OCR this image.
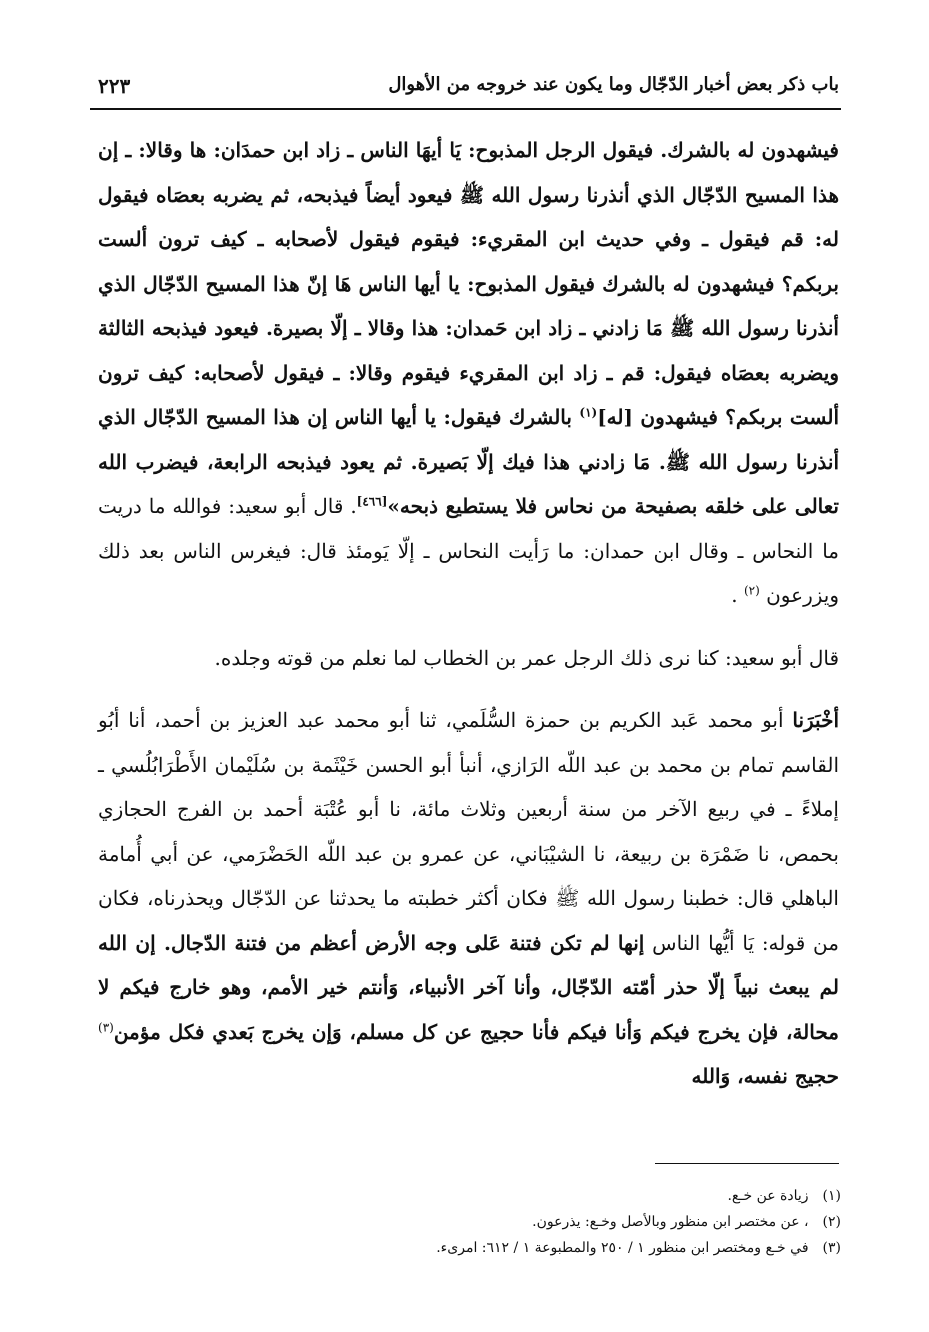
باب ذكر بعض أخبار الدّجّال وما يكون عند خروجه من الأهوال
٢٢٣

فيشهدون له بالشرك. فيقول الرجل المذبوح: يَا أيهَا الناس ـ زاد ابن حمدَان: ها وقالا: ـ إن هذا المسيح الدّجّال الذي أنذرنا رسول الله ﷺ فيعود أيضاً فيذبحه، ثم يضربه بعصَاه فيقول له: قم فيقول ـ وفي حديث ابن المقريء: فيقوم فيقول لأصحابه ـ كيف ترون ألست بربكم؟ فيشهدون له بالشرك فيقول المذبوح: يا أيها الناس هَا إنّ هذا المسيح الدّجّال الذي أنذرنا رسول الله ﷺ مَا زادني ـ زاد ابن حَمدان: هذا وقالا ـ إلّا بصيرة. فيعود فيذبحه الثالثة ويضربه بعصَاه فيقول: قم ـ زاد ابن المقريء فيقوم وقالا: ـ فيقول لأصحابه: كيف ترون ألست بربكم؟ فيشهدون [له]$^{(١)}$ بالشرك فيقول: يا أيها الناس إن هذا المسيح الدّجّال الذي أنذرنا رسول الله ﷺ. مَا زادني هذا فيك إلّا بَصيرة. ثم يعود فيذبحه الرابعة، فيضرب الله تعالى على خلقه بصفيحة من نحاس فلا يستطيع ذبحه»[٤٦٦]. قال أبو سعيد: فوالله ما دريت ما النحاس ـ وقال ابن حمدان: ما رَأيت النحاس ـ إلّا يَومئذ قال: فيغرس الناس بعد ذلك ويزرعون $^{(٢)}$ .

قال أبو سعيد: كنا نرى ذلك الرجل عمر بن الخطاب لما نعلم من قوته وجلده.

أخْبَرَنا أبو محمد عَبد الكريم بن حمزة السُّلَمي، ثنا أبو محمد عبد العزيز بن أحمد، أنا أبُو القاسم تمام بن محمد بن عبد اللّه الرَازي، أنبأ أبو الحسن خَيْثَمة بن سُلَيْمان الأَطْرَابُلُسي ـ إملاءً ـ في ربيع الآخر من سنة أربعين وثلاث مائة، نا أبو عُتْبَة أحمد بن الفرج الحجازي بحمص، نا ضَمْرَة بن ربيعة، نا الشيْبَاني، عن عمرو بن عبد اللّه الحَضْرَمي، عن أبي أُمامة الباهلي قال: خطبنا رسول الله ﷺ فكان أكثر خطبته ما يحدثنا عن الدّجّال ويحذرناه، فكان من قوله: يَا أيُّها الناس إنها لم تكن فتنة عَلى وجه الأرض أعظم من فتنة الدّجال. إن الله لم يبعث نبياً إلّا حذر أمّته الدّجّال، وأنا آخر الأنبياء، وَأنتم خير الأمم، وهو خارج فيكم لا محالة، فإن يخرج فيكم وَأنا فيكم فأنا حجيج عن كل مسلم، وَإن يخرج بَعدي فكل مؤمن$^{(٣)}$ حجيج نفسه، وَالله

(١)زيادة عن خـع.
(٢)، عن مختصر ابن منظور وبالأصل وخـع: يذرعون.
(٣)في خـع ومختصر ابن منظور ١ / ٢٥٠ والمطبوعة ١ / ٦١٢: امرىء.
